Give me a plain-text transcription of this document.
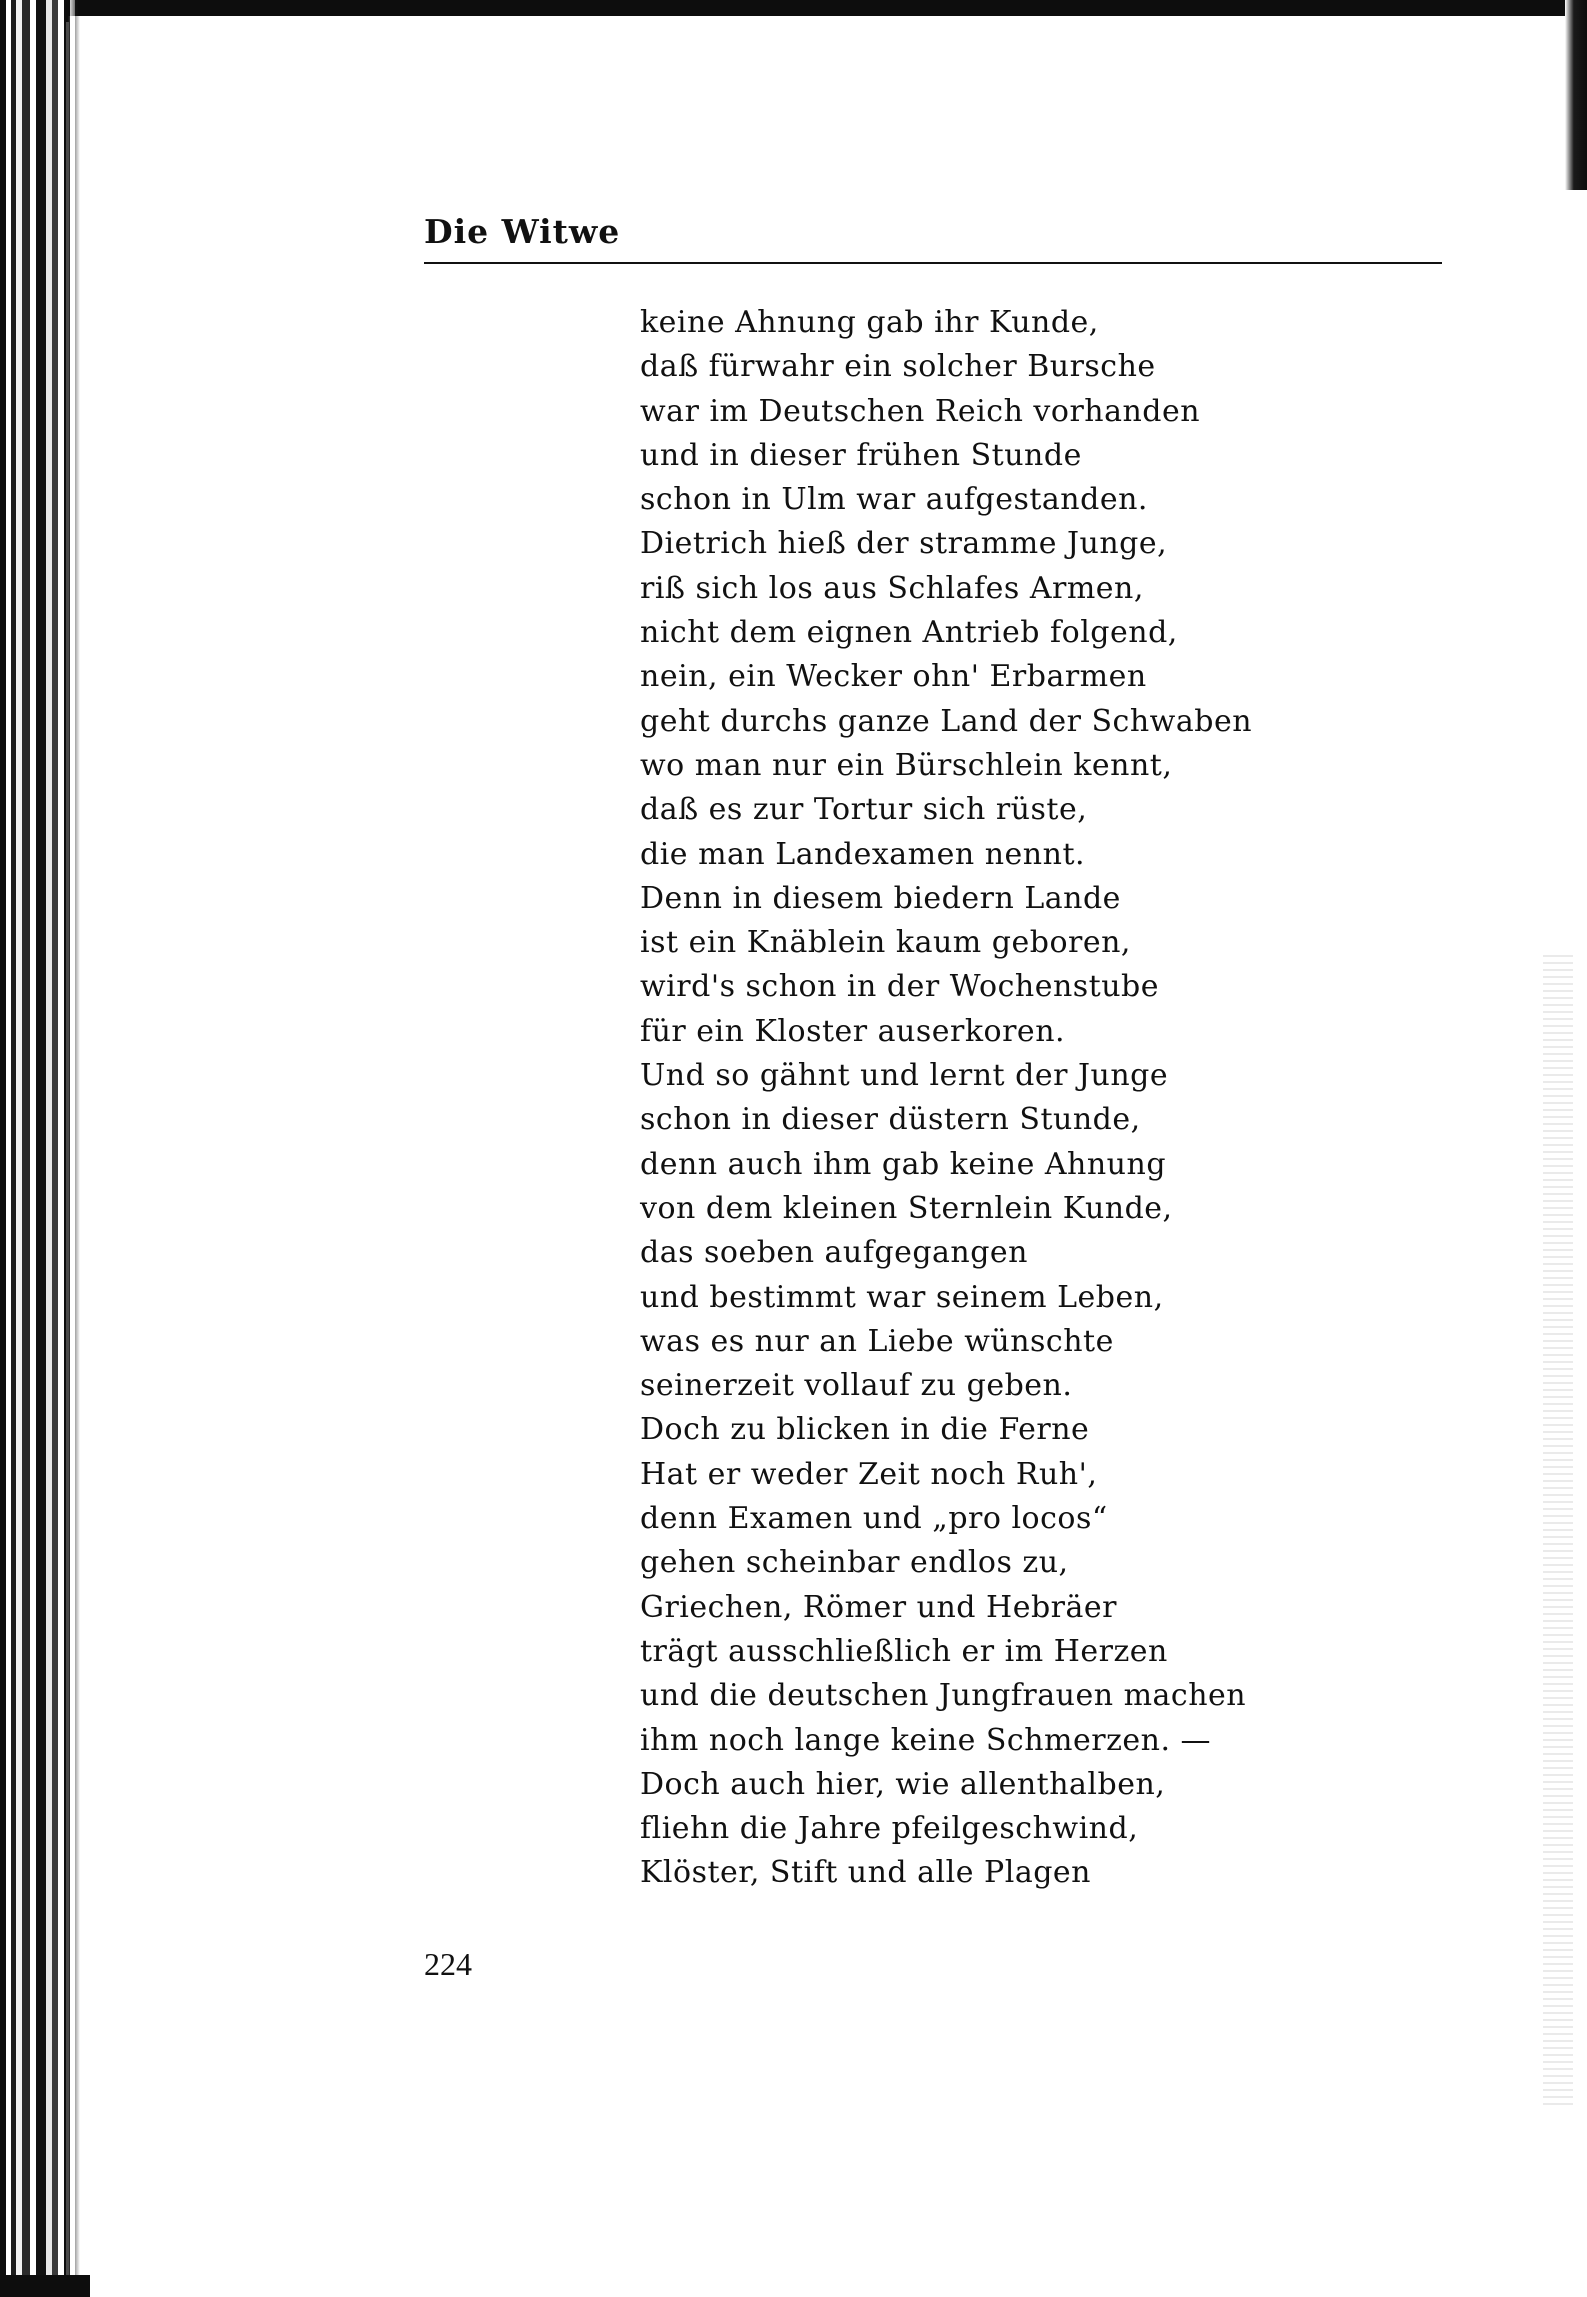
Die Witwe
keine Ahnung gab ihr Kunde,
daß fürwahr ein solcher Bursche
war im Deutschen Reich vorhanden
und in dieser frühen Stunde
schon in Ulm war aufgestanden.
Dietrich hieß der stramme Junge,
riß sich los aus Schlafes Armen,
nicht dem eignen Antrieb folgend,
nein, ein Wecker ohn' Erbarmen
geht durchs ganze Land der Schwaben
wo man nur ein Bürschlein kennt,
daß es zur Tortur sich rüste,
die man Landexamen nennt.
Denn in diesem biedern Lande
ist ein Knäblein kaum geboren,
wird's schon in der Wochenstube
für ein Kloster auserkoren.
Und so gähnt und lernt der Junge
schon in dieser düstern Stunde,
denn auch ihm gab keine Ahnung
von dem kleinen Sternlein Kunde,
das soeben aufgegangen
und bestimmt war seinem Leben,
was es nur an Liebe wünschte
seinerzeit vollauf zu geben.
Doch zu blicken in die Ferne
Hat er weder Zeit noch Ruh',
denn Examen und „pro locos“
gehen scheinbar endlos zu,
Griechen, Römer und Hebräer
trägt ausschließlich er im Herzen
und die deutschen Jungfrauen machen
ihm noch lange keine Schmerzen. —
Doch auch hier, wie allenthalben,
fliehn die Jahre pfeilgeschwind,
Klöster, Stift und alle Plagen
224
